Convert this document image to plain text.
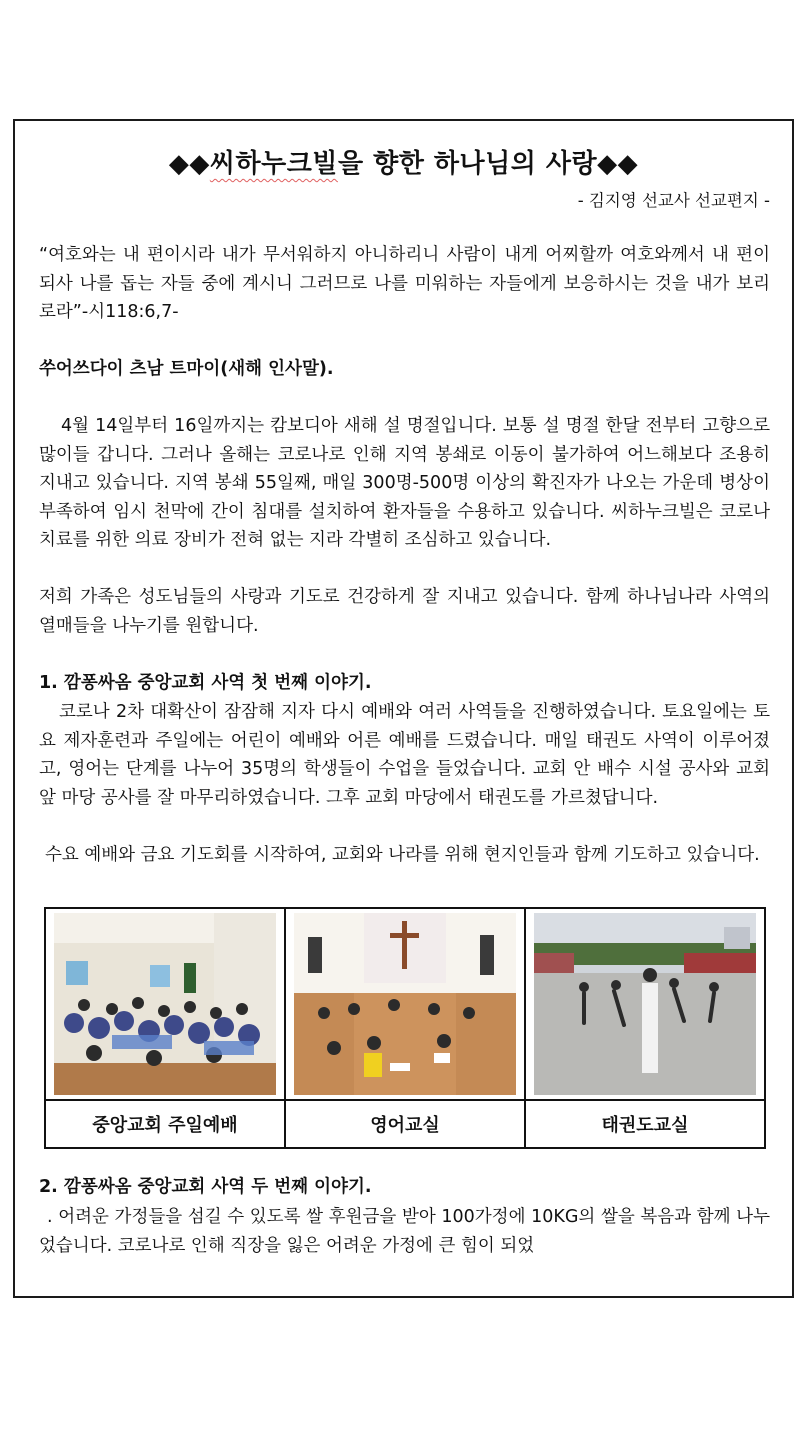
◆◆씨하누크빌을 향한 하나님의 사랑◆◆

- 김지영 선교사 선교편지 -

“여호와는 내 편이시라 내가 무서워하지 아니하리니 사람이 내게 어찌할까 여호와께서 내 편이 되사 나를 돕는 자들 중에 계시니 그러므로 나를 미워하는 자들에게 보응하시는 것을 내가 보리로라”-시118:6,7-

쑤어쓰다이 츠남 트마이(새해 인사말).

4월 14일부터 16일까지는 캄보디아 새해 설 명절입니다. 보통 설 명절 한달 전부터 고향으로 많이들 갑니다. 그러나 올해는 코로나로 인해 지역 봉쇄로 이동이 불가하여 어느해보다 조용히 지내고 있습니다. 지역 봉쇄 55일째, 매일 300명-500명 이상의 확진자가 나오는 가운데 병상이 부족하여 임시 천막에 간이 침대를 설치하여 환자들을 수용하고 있습니다. 씨하누크빌은 코로나 치료를 위한 의료 장비가 전혀 없는 지라 각별히 조심하고 있습니다.

저희 가족은 성도님들의 사랑과 기도로 건강하게 잘 지내고 있습니다. 함께 하나님나라 사역의 열매들을 나누기를 원합니다.

1. 깜퐁싸옴 중앙교회 사역 첫 번째 이야기.

코로나 2차 대확산이 잠잠해 지자 다시 예배와 여러 사역들을 진행하였습니다. 토요일에는 토요 제자훈련과 주일에는 어린이 예배와 어른 예배를 드렸습니다. 매일 태권도 사역이 이루어졌고, 영어는 단계를 나누어 35명의 학생들이 수업을 들었습니다. 교회 안 배수 시설 공사와 교회앞 마당 공사를 잘 마무리하였습니다. 그후 교회 마당에서 태권도를 가르쳤답니다.

수요 예배와 금요 기도회를 시작하여, 교회와 나라를 위해 현지인들과 함께 기도하고 있습니다.

중앙교회 주일예배	영어교실	태권도교실

2. 깜퐁싸옴 중앙교회 사역 두 번째 이야기.

. 어려운 가정들을 섬길 수 있도록 쌀 후원금을 받아 100가정에 10KG의 쌀을 복음과 함께 나누었습니다. 코로나로 인해 직장을 잃은 어려운 가정에 큰 힘이 되었
